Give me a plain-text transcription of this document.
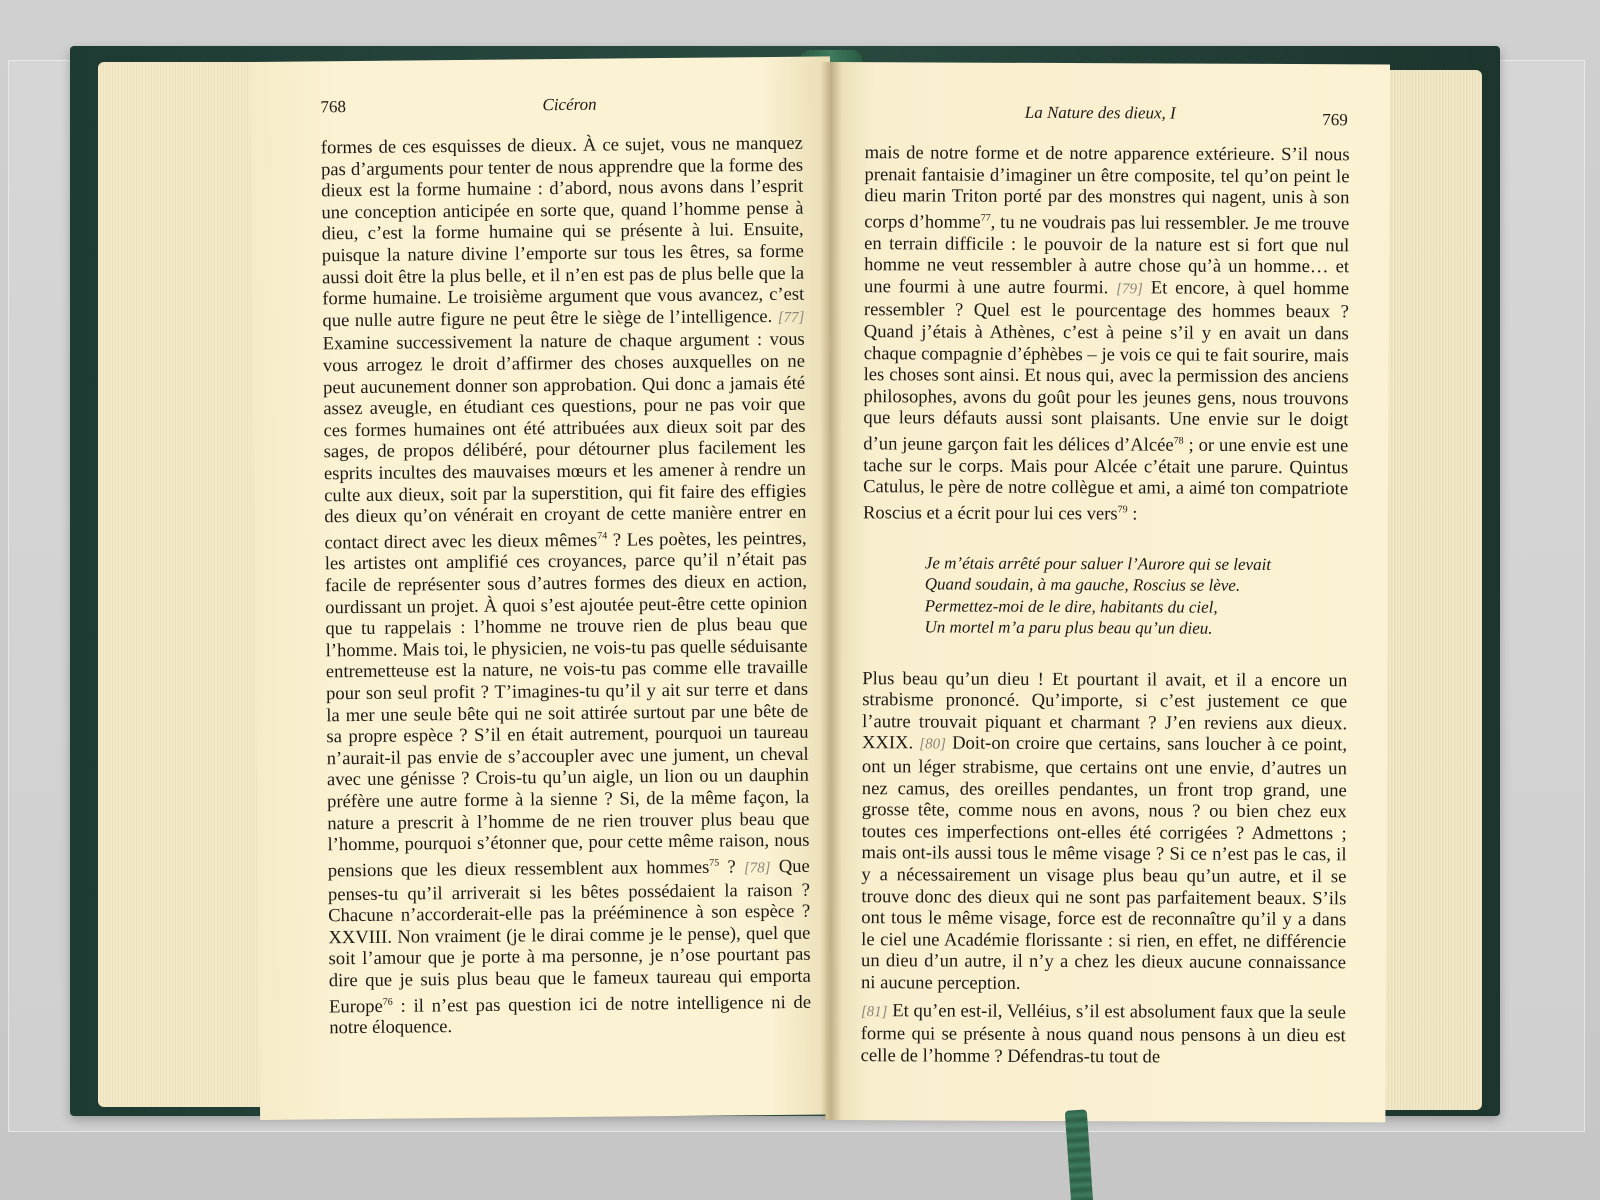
768	Cicéron

formes de ces esquisses de dieux. À ce sujet, vous ne manquez pas d’arguments pour tenter de nous apprendre que la forme des dieux est la forme humaine : d’abord, nous avons dans l’esprit une conception anticipée en sorte que, quand l’homme pense à dieu, c’est la forme humaine qui se présente à lui. Ensuite, puisque la nature divine l’emporte sur tous les êtres, sa forme aussi doit être la plus belle, et il n’en est pas de plus belle que la forme humaine. Le troisième argument que vous avancez, c’est que nulle autre figure ne peut être le siège de l’intelligence. [77] Examine successivement la nature de chaque argument : vous vous arrogez le droit d’affirmer des choses auxquelles on ne peut aucunement donner son approbation. Qui donc a jamais été assez aveugle, en étudiant ces questions, pour ne pas voir que ces formes humaines ont été attribuées aux dieux soit par des sages, de propos délibéré, pour détourner plus facilement les esprits incultes des mauvaises mœurs et les amener à rendre un culte aux dieux, soit par la superstition, qui fit faire des effigies des dieux qu’on vénérait en croyant de cette manière entrer en contact direct avec les dieux mêmes$^{74}$ ? Les poètes, les peintres, les artistes ont amplifié ces croyances, parce qu’il n’était pas facile de représenter sous d’autres formes des dieux en action, ourdissant un projet. À quoi s’est ajoutée peut-être cette opinion que tu rappelais : l’homme ne trouve rien de plus beau que l’homme. Mais toi, le physicien, ne vois-tu pas quelle séduisante entremetteuse est la nature, ne vois-tu pas comme elle travaille pour son seul profit ? T’imagines-tu qu’il y ait sur terre et dans la mer une seule bête qui ne soit attirée surtout par une bête de sa propre espèce ? S’il en était autrement, pourquoi un taureau n’aurait-il pas envie de s’accoupler avec une jument, un cheval avec une génisse ? Crois-tu qu’un aigle, un lion ou un dauphin préfère une autre forme à la sienne ? Si, de la même façon, la nature a prescrit à l’homme de ne rien trouver plus beau que l’homme, pourquoi s’étonner que, pour cette même raison, nous pensions que les dieux ressemblent aux hommes$^{75}$ ? [78] Que penses-tu qu’il arriverait si les bêtes possédaient la raison ? Chacune n’accorderait-elle pas la prééminence à son espèce ? XXVIII. Non vraiment (je le dirai comme je le pense), quel que soit l’amour que je porte à ma personne, je n’ose pourtant pas dire que je suis plus beau que le fameux taureau qui emporta Europe$^{76}$ : il n’est pas question ici de notre intelligence ni de notre éloquence.

La Nature des dieux, I	769

mais de notre forme et de notre apparence extérieure. S’il nous prenait fantaisie d’imaginer un être composite, tel qu’on peint le dieu marin Triton porté par des monstres qui nagent, unis à son corps d’homme$^{77}$, tu ne voudrais pas lui ressembler. Je me trouve en terrain difficile : le pouvoir de la nature est si fort que nul homme ne veut ressembler à autre chose qu’à un homme… et une fourmi à une autre fourmi. [79] Et encore, à quel homme ressembler ? Quel est le pourcentage des hommes beaux ? Quand j’étais à Athènes, c’est à peine s’il y en avait un dans chaque compagnie d’éphèbes – je vois ce qui te fait sourire, mais les choses sont ainsi. Et nous qui, avec la permission des anciens philosophes, avons du goût pour les jeunes gens, nous trouvons que leurs défauts aussi sont plaisants. Une envie sur le doigt d’un jeune garçon fait les délices d’Alcée$^{78}$ ; or une envie est une tache sur le corps. Mais pour Alcée c’était une parure. Quintus Catulus, le père de notre collègue et ami, a aimé ton compatriote Roscius et a écrit pour lui ces vers$^{79}$ :

Je m’étais arrêté pour saluer l’Aurore qui se levait
Quand soudain, à ma gauche, Roscius se lève.
Permettez-moi de le dire, habitants du ciel,
Un mortel m’a paru plus beau qu’un dieu.

Plus beau qu’un dieu ! Et pourtant il avait, et il a encore un strabisme prononcé. Qu’importe, si c’est justement ce que l’autre trouvait piquant et charmant ? J’en reviens aux dieux. XXIX. [80] Doit-on croire que certains, sans loucher à ce point, ont un léger strabisme, que certains ont une envie, d’autres un nez camus, des oreilles pendantes, un front trop grand, une grosse tête, comme nous en avons, nous ? ou bien chez eux toutes ces imperfections ont-elles été corrigées ? Admettons ; mais ont-ils aussi tous le même visage ? Si ce n’est pas le cas, il y a nécessairement un visage plus beau qu’un autre, et il se trouve donc des dieux qui ne sont pas parfaitement beaux. S’ils ont tous le même visage, force est de reconnaître qu’il y a dans le ciel une Académie florissante : si rien, en effet, ne différencie un dieu d’un autre, il n’y a chez les dieux aucune connaissance ni aucune perception.

[81] Et qu’en est-il, Velléius, s’il est absolument faux que la seule forme qui se présente à nous quand nous pensons à un dieu est celle de l’homme ? Défendras-tu tout de
